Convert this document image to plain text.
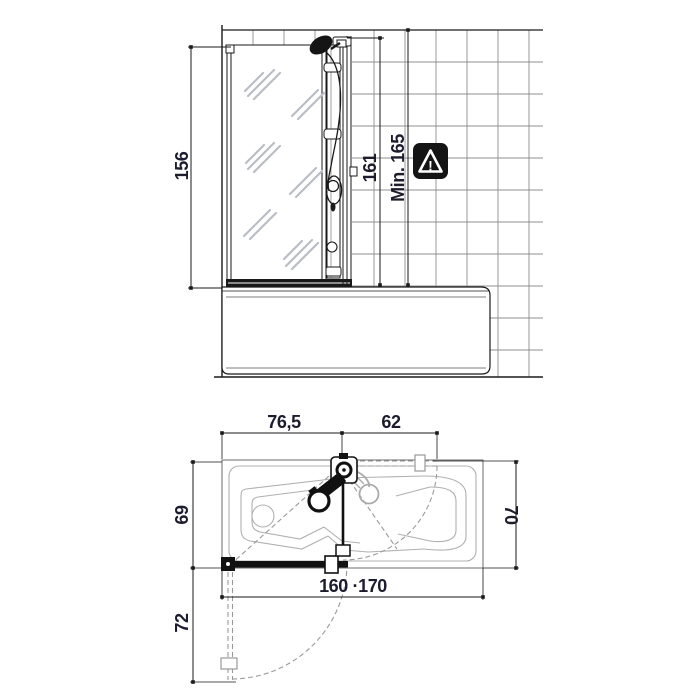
156	161 Min. 165 !
76,5	62
69	70
160 ·170
72
